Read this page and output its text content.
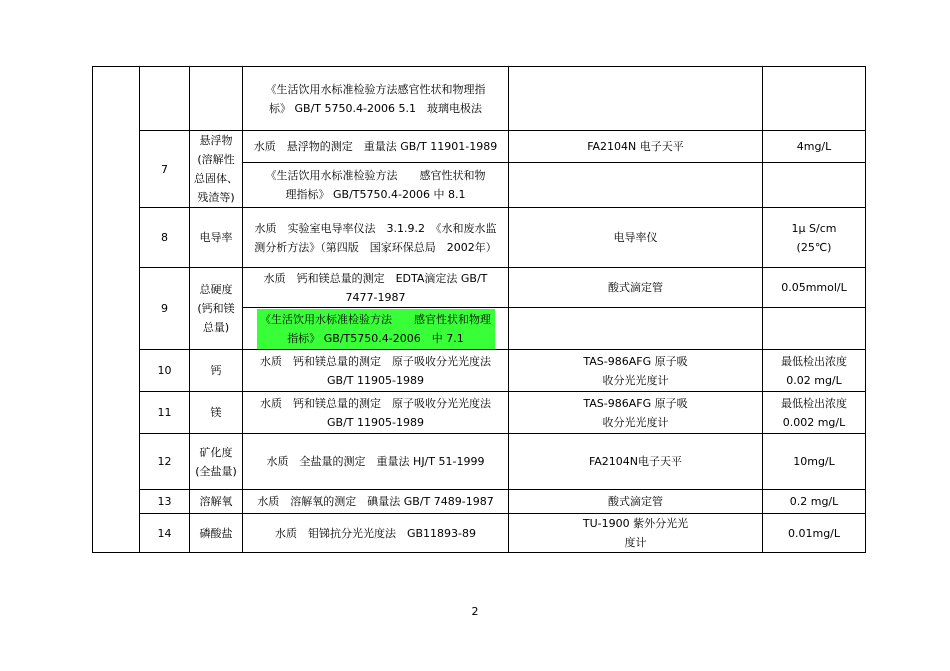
			《生活饮用水标准检验方法感官性状和物理指标》 GB/T 5750.4-2006 5.1　玻璃电极法		
	7	悬浮物(溶解性总固体、残渣等)	水质　悬浮物的测定　重量法 GB/T 11901-1989	FA2104N 电子天平	4mg/L
			《生活饮用水标准检验方法　　感官性状和物理指标》 GB/T5750.4-2006 中 8.1		
	8	电导率	水质　实验室电导率仪法　3.1.9.2　《水和废水监测分析方法》（第四版　国家环保总局　2002年）	电导率仪	1μ S/cm (25℃)
	9	总硬度(钙和镁总量)	水质　钙和镁总量的测定　EDTA滴定法 GB/T 7477-1987	酸式滴定管	0.05mmol/L
			《生活饮用水标准检验方法　　感官性状和物理指标》 GB/T5750.4-2006　中 7.1		
	10	钙	水质　钙和镁总量的测定　原子吸收分光光度法 GB/T 11905-1989	TAS-986AFG 原子吸收分光光度计	最低检出浓度 0.02 mg/L
	11	镁	水质　钙和镁总量的测定　原子吸收分光光度法 GB/T 11905-1989	TAS-986AFG 原子吸收分光光度计	最低检出浓度 0.002 mg/L
	12	矿化度(全盐量)	水质　全盐量的测定　重量法 HJ/T 51-1999	FA2104N电子天平	10mg/L
	13	溶解氧	水质　溶解氧的测定　碘量法 GB/T 7489-1987	酸式滴定管	0.2 mg/L
	14	磷酸盐	水质　钼锑抗分光光度法　GB11893-89	TU-1900 紫外分光光度计	0.01mg/L
2
